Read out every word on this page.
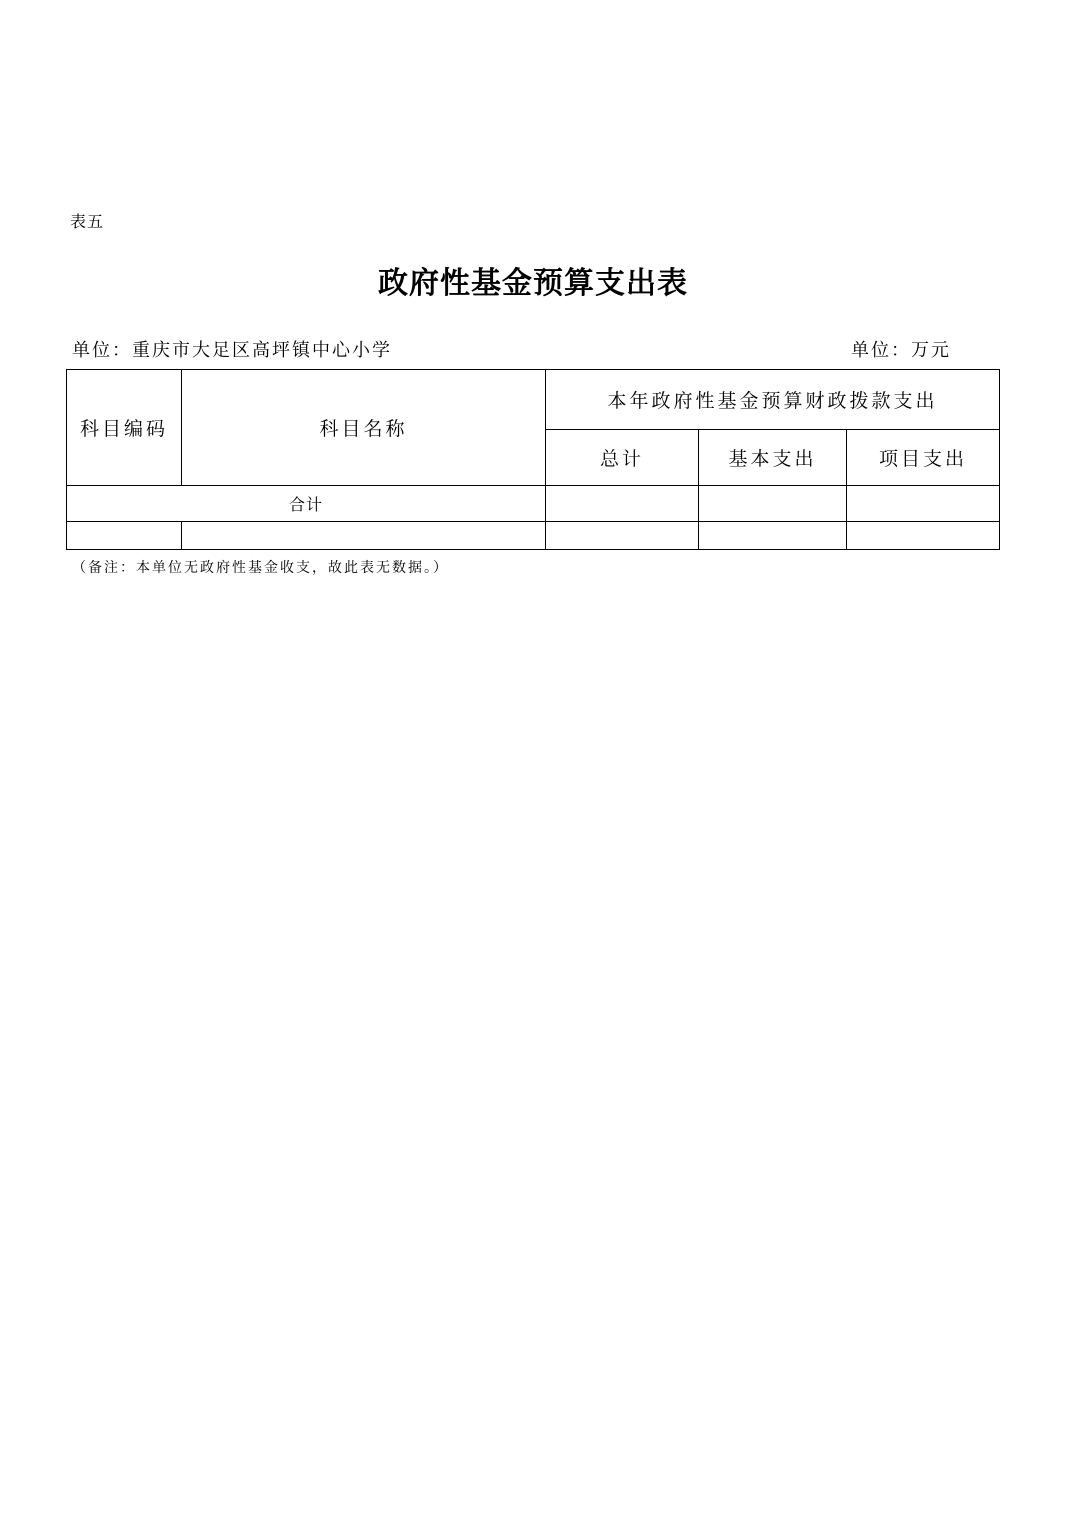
表五
政府性基金预算支出表
单位：重庆市大足区高坪镇中心小学	单位：万元
科目编码	科目名称	本年政府性基金预算财政拨款支出		
		总计	基本支出	项目支出
合计				

（备注：本单位无政府性基金收支，故此表无数据。）
